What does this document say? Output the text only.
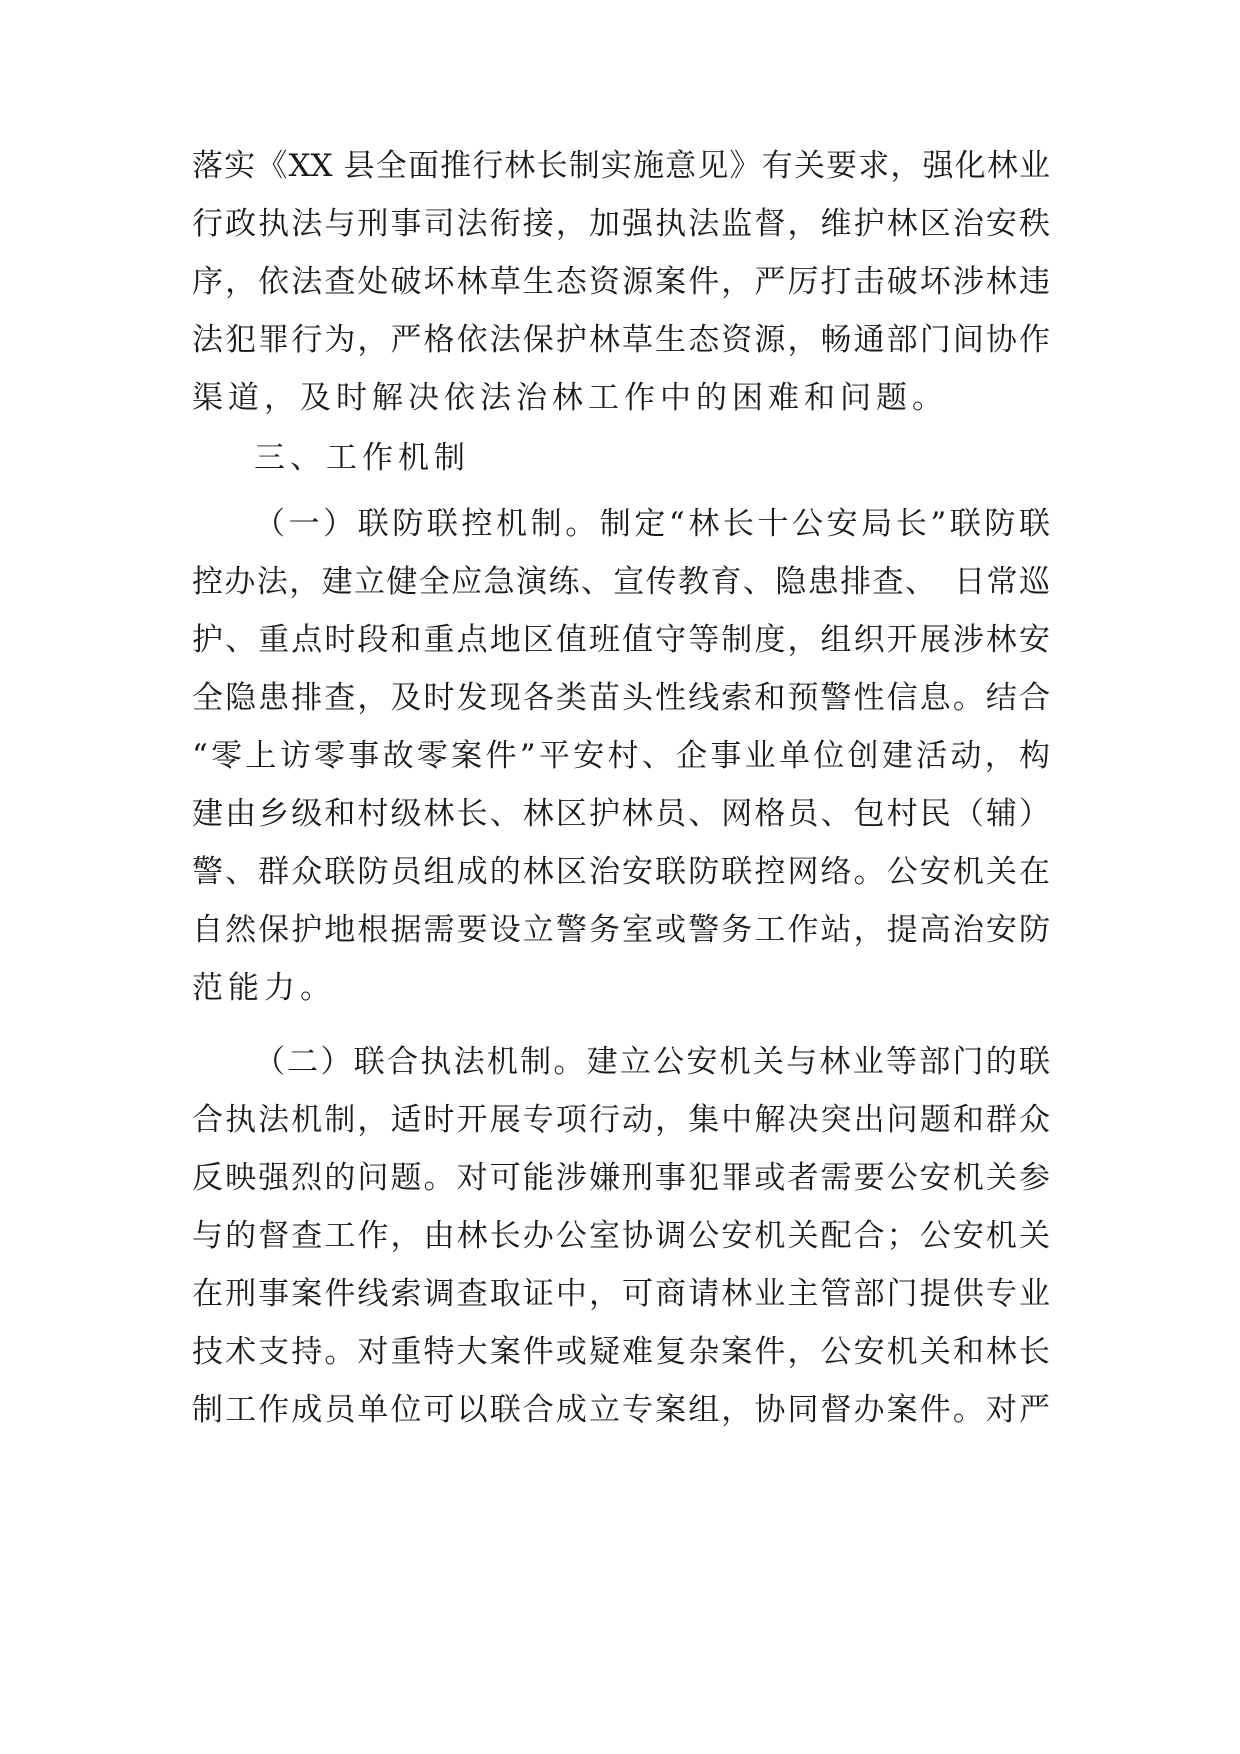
落实《XX 县全面推行林长制实施意见》有关要求，强化林业
行政执法与刑事司法衔接，加强执法监督，维护林区治安秩
序，依法查处破坏林草生态资源案件，严厉打击破坏涉林违
法犯罪行为，严格依法保护林草生态资源，畅通部门间协作
渠道，及时解决依法治林工作中的困难和问题。
三、工作机制
（一）联防联控机制。制定“林长十公安局长”联防联
控办法，建立健全应急演练、宣传教育、隐患排查、　日常巡
护、重点时段和重点地区值班值守等制度，组织开展涉林安
全隐患排查，及时发现各类苗头性线索和预警性信息。结合
“零上访零事故零案件”平安村、企事业单位创建活动，构
建由乡级和村级林长、林区护林员、网格员、包村民（辅）
警、群众联防员组成的林区治安联防联控网络。公安机关在
自然保护地根据需要设立警务室或警务工作站，提高治安防
范能力。
（二）联合执法机制。建立公安机关与林业等部门的联
合执法机制，适时开展专项行动，集中解决突出问题和群众
反映强烈的问题。对可能涉嫌刑事犯罪或者需要公安机关参
与的督查工作，由林长办公室协调公安机关配合；公安机关
在刑事案件线索调查取证中，可商请林业主管部门提供专业
技术支持。对重特大案件或疑难复杂案件，公安机关和林长
制工作成员单位可以联合成立专案组，协同督办案件。对严
